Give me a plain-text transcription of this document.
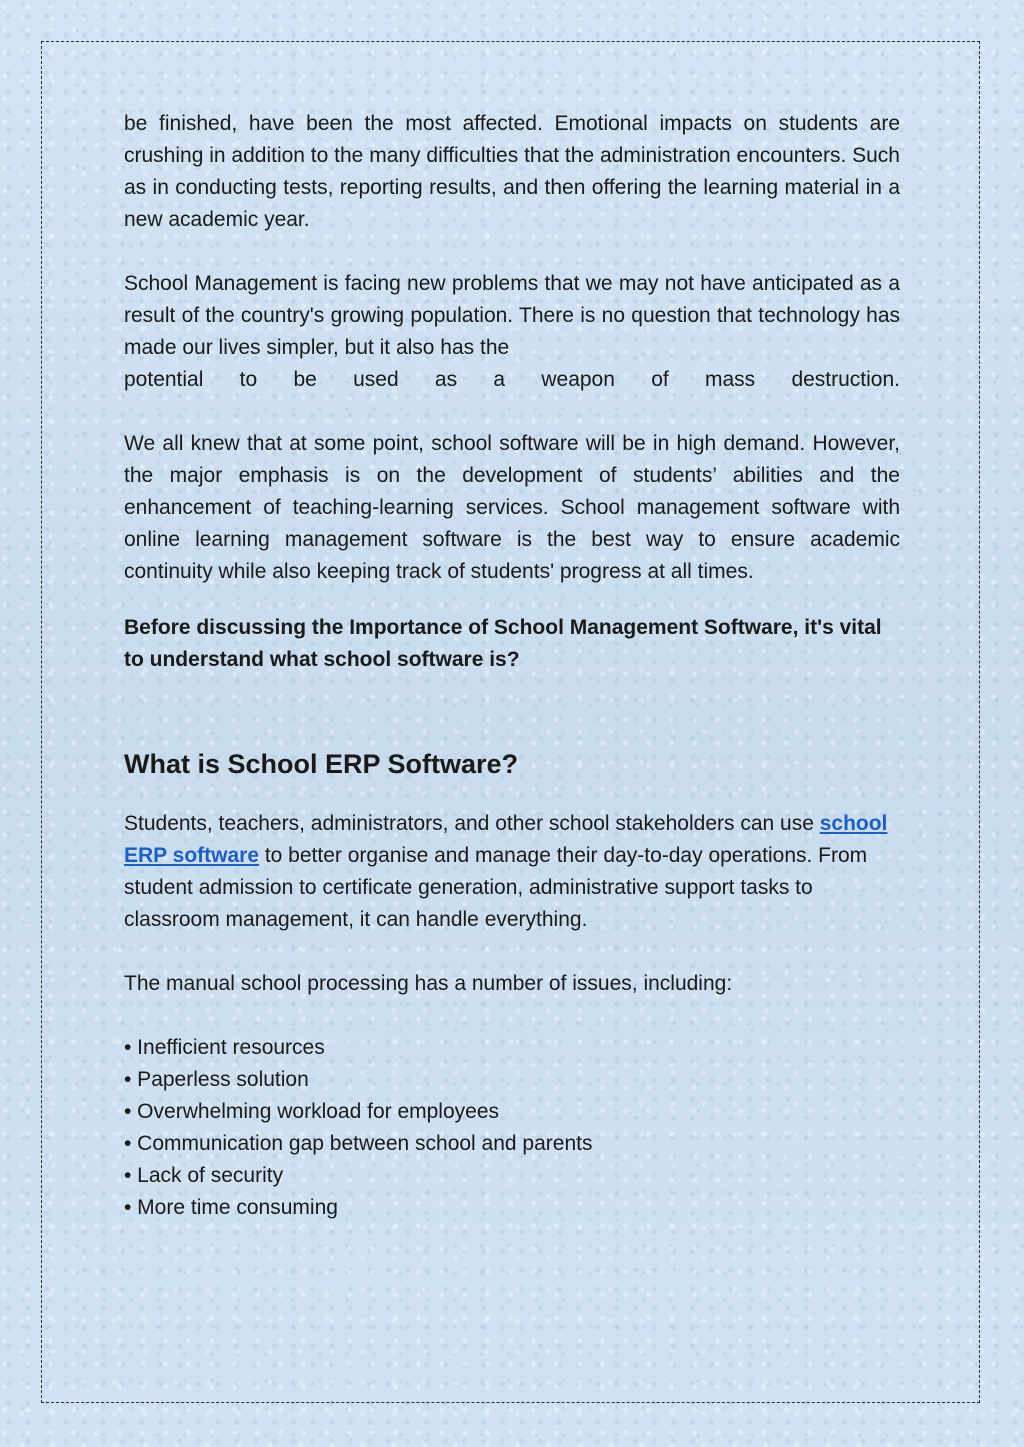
be finished, have been the most affected. Emotional impacts on students are crushing in addition to the many difficulties that the administration encounters. Such as in conducting tests, reporting results, and then offering the learning material in a new academic year.

School Management is facing new problems that we may not have anticipated as a result of the country's growing population. There is no question that technology has made our lives simpler, but it also has the

potential to be used as a weapon of mass destruction.

We all knew that at some point, school software will be in high demand. However, the major emphasis is on the development of students’ abilities and the enhancement of teaching-learning services. School management software with online learning management software is the best way to ensure academic continuity while also keeping track of students' progress at all times.

Before discussing the Importance of School Management Software, it's vital to understand what school software is?

What is School ERP Software?

Students, teachers, administrators, and other school stakeholders can use school ERP software to better organise and manage their day-to-day operations. From student admission to certificate generation, administrative support tasks to classroom management, it can handle everything.

The manual school processing has a number of issues, including:

• Inefficient resources
• Paperless solution
• Overwhelming workload for employees
• Communication gap between school and parents
• Lack of security
• More time consuming
